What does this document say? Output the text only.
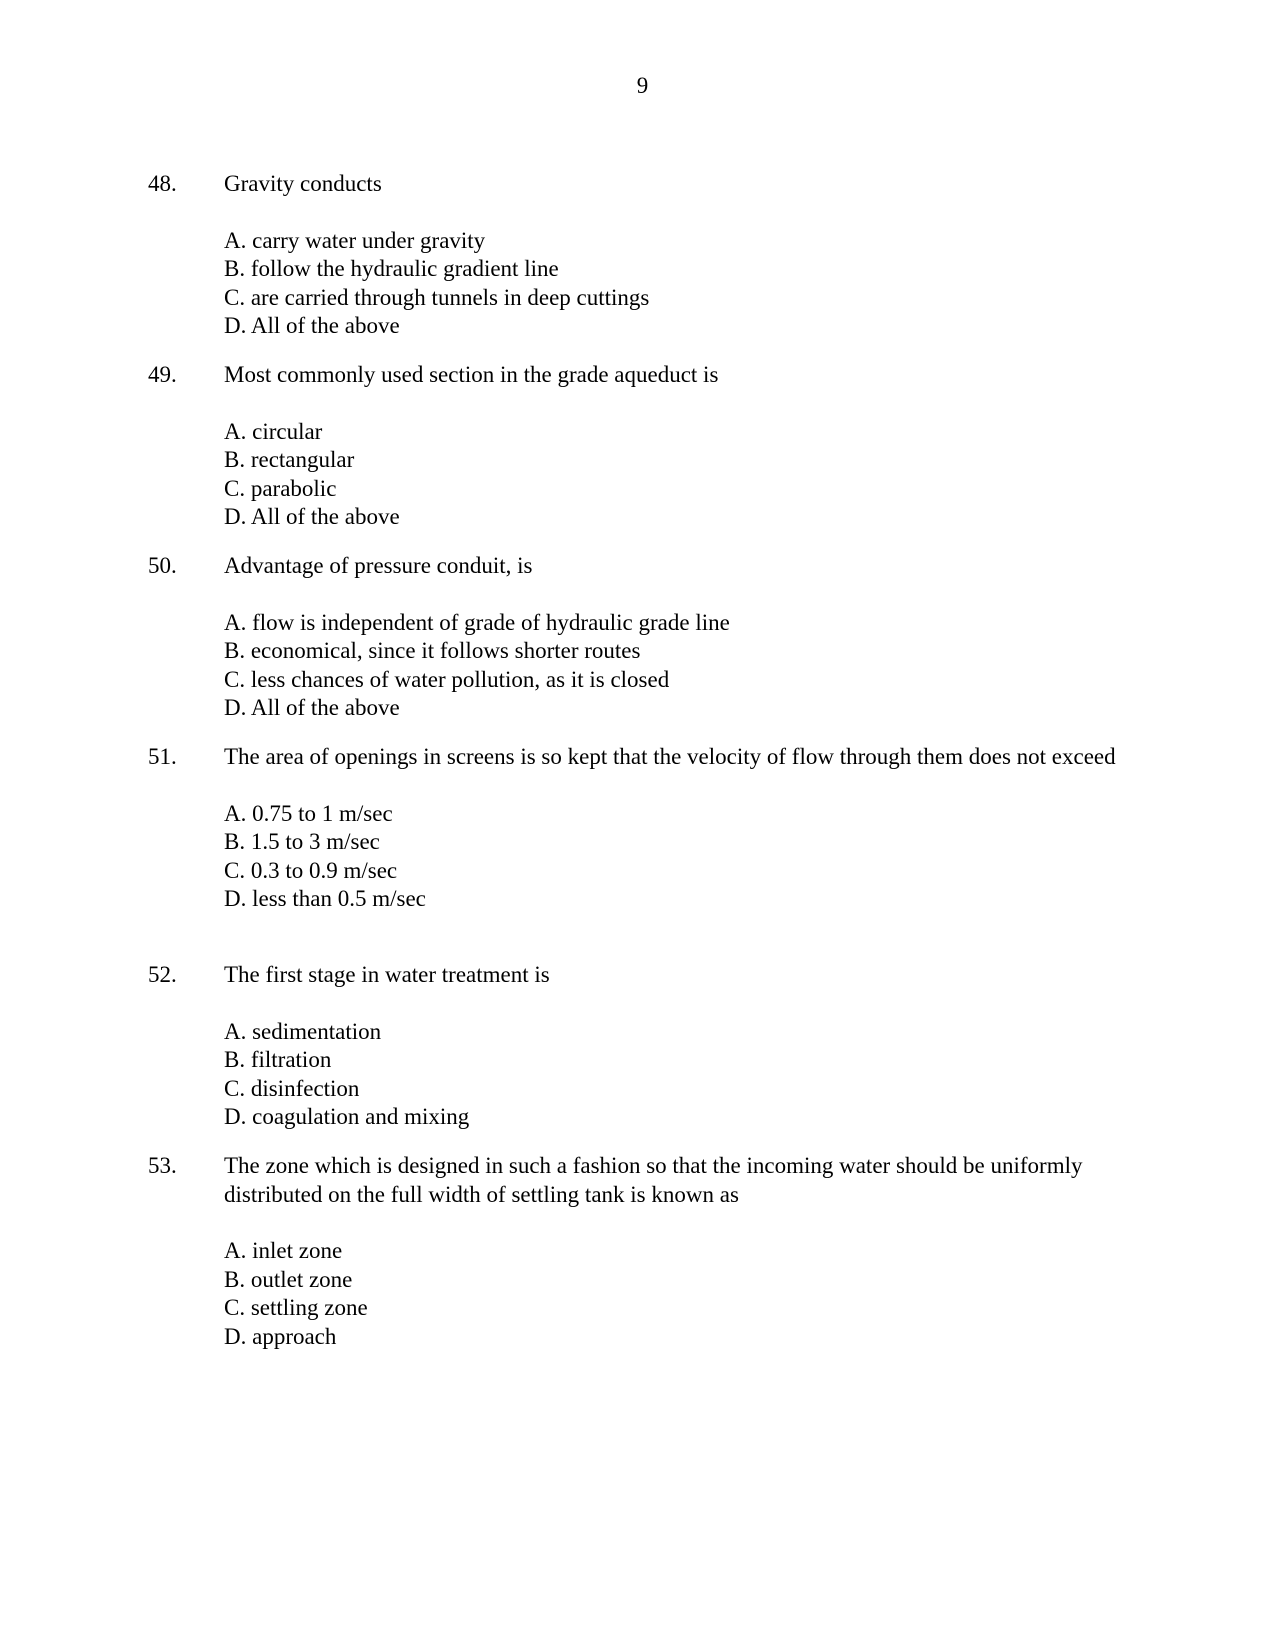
9
48. Gravity conducts
A. carry water under gravity
B. follow the hydraulic gradient line
C. are carried through tunnels in deep cuttings
D. All of the above
49. Most commonly used section in the grade aqueduct is
A. circular
B. rectangular
C. parabolic
D. All of the above
50. Advantage of pressure conduit, is
A. flow is independent of grade of hydraulic grade line
B. economical, since it follows shorter routes
C. less chances of water pollution, as it is closed
D. All of the above
51. The area of openings in screens is so kept that the velocity of flow through them does not exceed
A. 0.75 to 1 m/sec
B. 1.5 to 3 m/sec
C. 0.3 to 0.9 m/sec
D. less than 0.5 m/sec
52. The first stage in water treatment is
A. sedimentation
B. filtration
C. disinfection
D. coagulation and mixing
53. The zone which is designed in such a fashion so that the incoming water should be uniformly distributed on the full width of settling tank is known as
A. inlet zone
B. outlet zone
C. settling zone
D. approach
